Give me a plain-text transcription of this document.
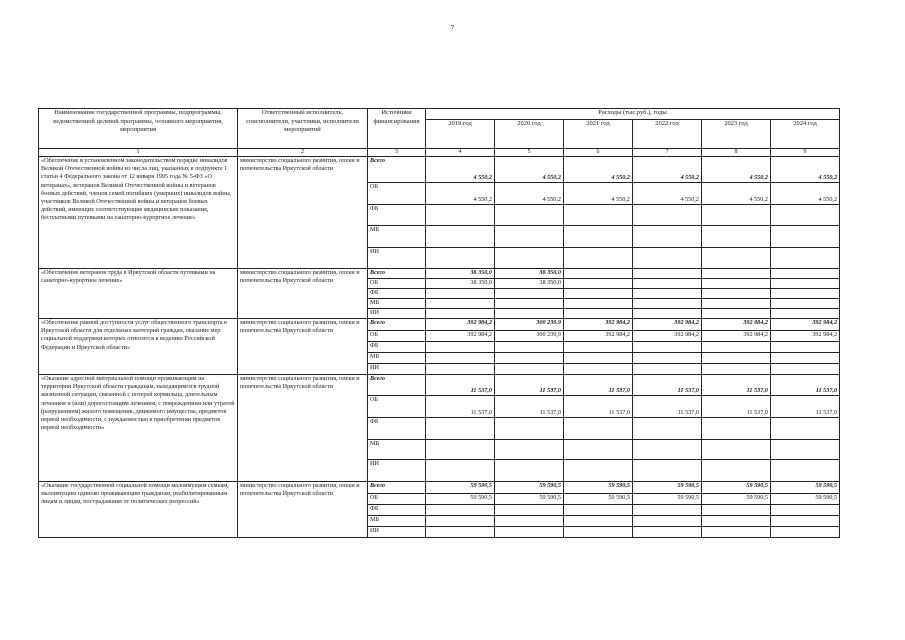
7
Наименование государственной программы, подпрограммы, ведомственной целевой программы, основного мероприятия, мероприятия	Ответственный исполнитель, соисполнители, участники, исполнители мероприятий	Источники финансирования	Расходы (тыс.руб.), годы					
			2019 год	2020 год	2021 год	2022 год	2023 год	2024 год
1	2	3	4	5	6	7	8	9
«Обеспечение в установленном законодательством порядке инвалидов Великой Отечественной войны из числа лиц, указанных в подпункте 1 статьи 4 Федерального закона от 12 января 1995 года № 5-ФЗ «О ветеранах», ветеранов Великой Отечественной войны и ветеранов боевых действий, членов семей погибших (умерших) инвалидов войны, участников Великой Отечественной войны и ветеранов боевых действий, имеющих соответствующие медицинские показания, бесплатными путевками на санаторно-курортное лечение»	министерство социального развития, опеки и попечительства Иркутской области	Всего	4 550,2	4 550,2	4 550,2	4 550,2	4 550,2	4 550,2
		ОБ	4 550,2	4 550,2	4 550,2	4 550,2	4 550,2	4 550,2
		ФБ						
		МБ						
		ИИ						
«Обеспечение ветеранов труда в Иркутской области путевками на санаторно-курортное лечение»	министерство социального развития, опеки и попечительства Иркутской области	Всего	38 350,0	38 350,0				
		ОБ	38 350,0	38 350,0				
		ФБ						
		МБ						
		ИИ						
«Обеспечение равной доступности услуг общественного транспорта в Иркутской области для отдельных категорий граждан, оказание мер социальной поддержки которых относится к ведению Российской Федерации и Иркутской области»	министерство социального развития, опеки и попечительства Иркутской области	Всего	392 984,2	300 239,9	392 984,2	392 984,2	392 984,2	392 984,2
		ОБ	392 984,2	300 239,9	392 984,2	392 984,2	392 984,2	392 984,2
		ФБ						
		МБ						
		ИИ						
«Оказание адресной материальной помощи проживающим на территории Иркутской области гражданам, находящимся в трудной жизненной ситуации, связанной с потерей кормильца, длительным лечением и (или) дорогостоящим лечением, с повреждением или утратой (разрушением) жилого помещения, движимого имущества, предметов первой необходимости, с нуждаемостью в приобретении предметов первой необходимости»	министерство социального развития, опеки и попечительства Иркутской области	Всего	11 537,0	11 537,0	11 537,0	11 537,0	11 537,0	11 537,0
		ОБ	11 537,0	11 537,0	11 537,0	11 537,0	11 537,0	11 537,0
		ФБ						
		МБ						
		ИИ						
«Оказание государственной социальной помощи малоимущим семьям, малоимущим одиноко проживающим гражданам, реабилитированным лицам и лицам, пострадавшим от политических репрессий»	министерство социального развития, опеки и попечительства Иркутской области	Всего	59 590,5	59 590,5	59 590,5	59 590,5	59 590,5	59 590,5
		ОБ	59 590,5	59 590,5	59 590,5	59 590,5	59 590,5	59 590,5
		ФБ						
		МБ						
		ИИ						
